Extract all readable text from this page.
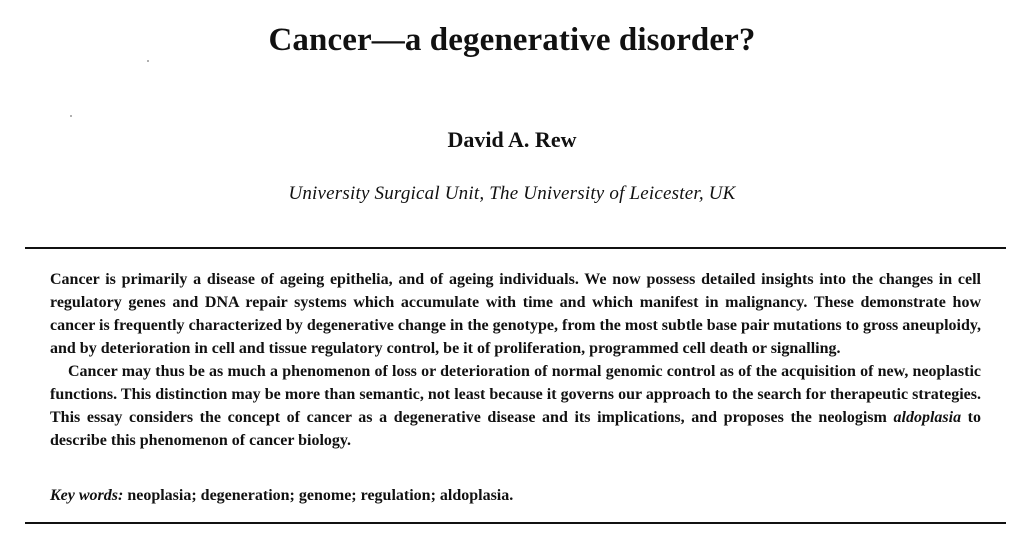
Cancer—a degenerative disorder?
David A. Rew
University Surgical Unit, The University of Leicester, UK

Cancer is primarily a disease of ageing epithelia, and of ageing individuals. We now possess detailed insights into the changes in cell regulatory genes and DNA repair systems which accumulate with time and which manifest in malignancy. These demonstrate how cancer is frequently characterized by degenerative change in the genotype, from the most subtle base pair mutations to gross aneuploidy, and by deterioration in cell and tissue regulatory control, be it of proliferation, programmed cell death or signalling.

Cancer may thus be as much a phenomenon of loss or deterioration of normal genomic control as of the acquisition of new, neoplastic functions. This distinction may be more than semantic, not least because it governs our approach to the search for therapeutic strategies. This essay considers the concept of cancer as a degenerative disease and its implications, and proposes the neologism aldoplasia to describe this phenomenon of cancer biology.

Key words: neoplasia; degeneration; genome; regulation; aldoplasia.
